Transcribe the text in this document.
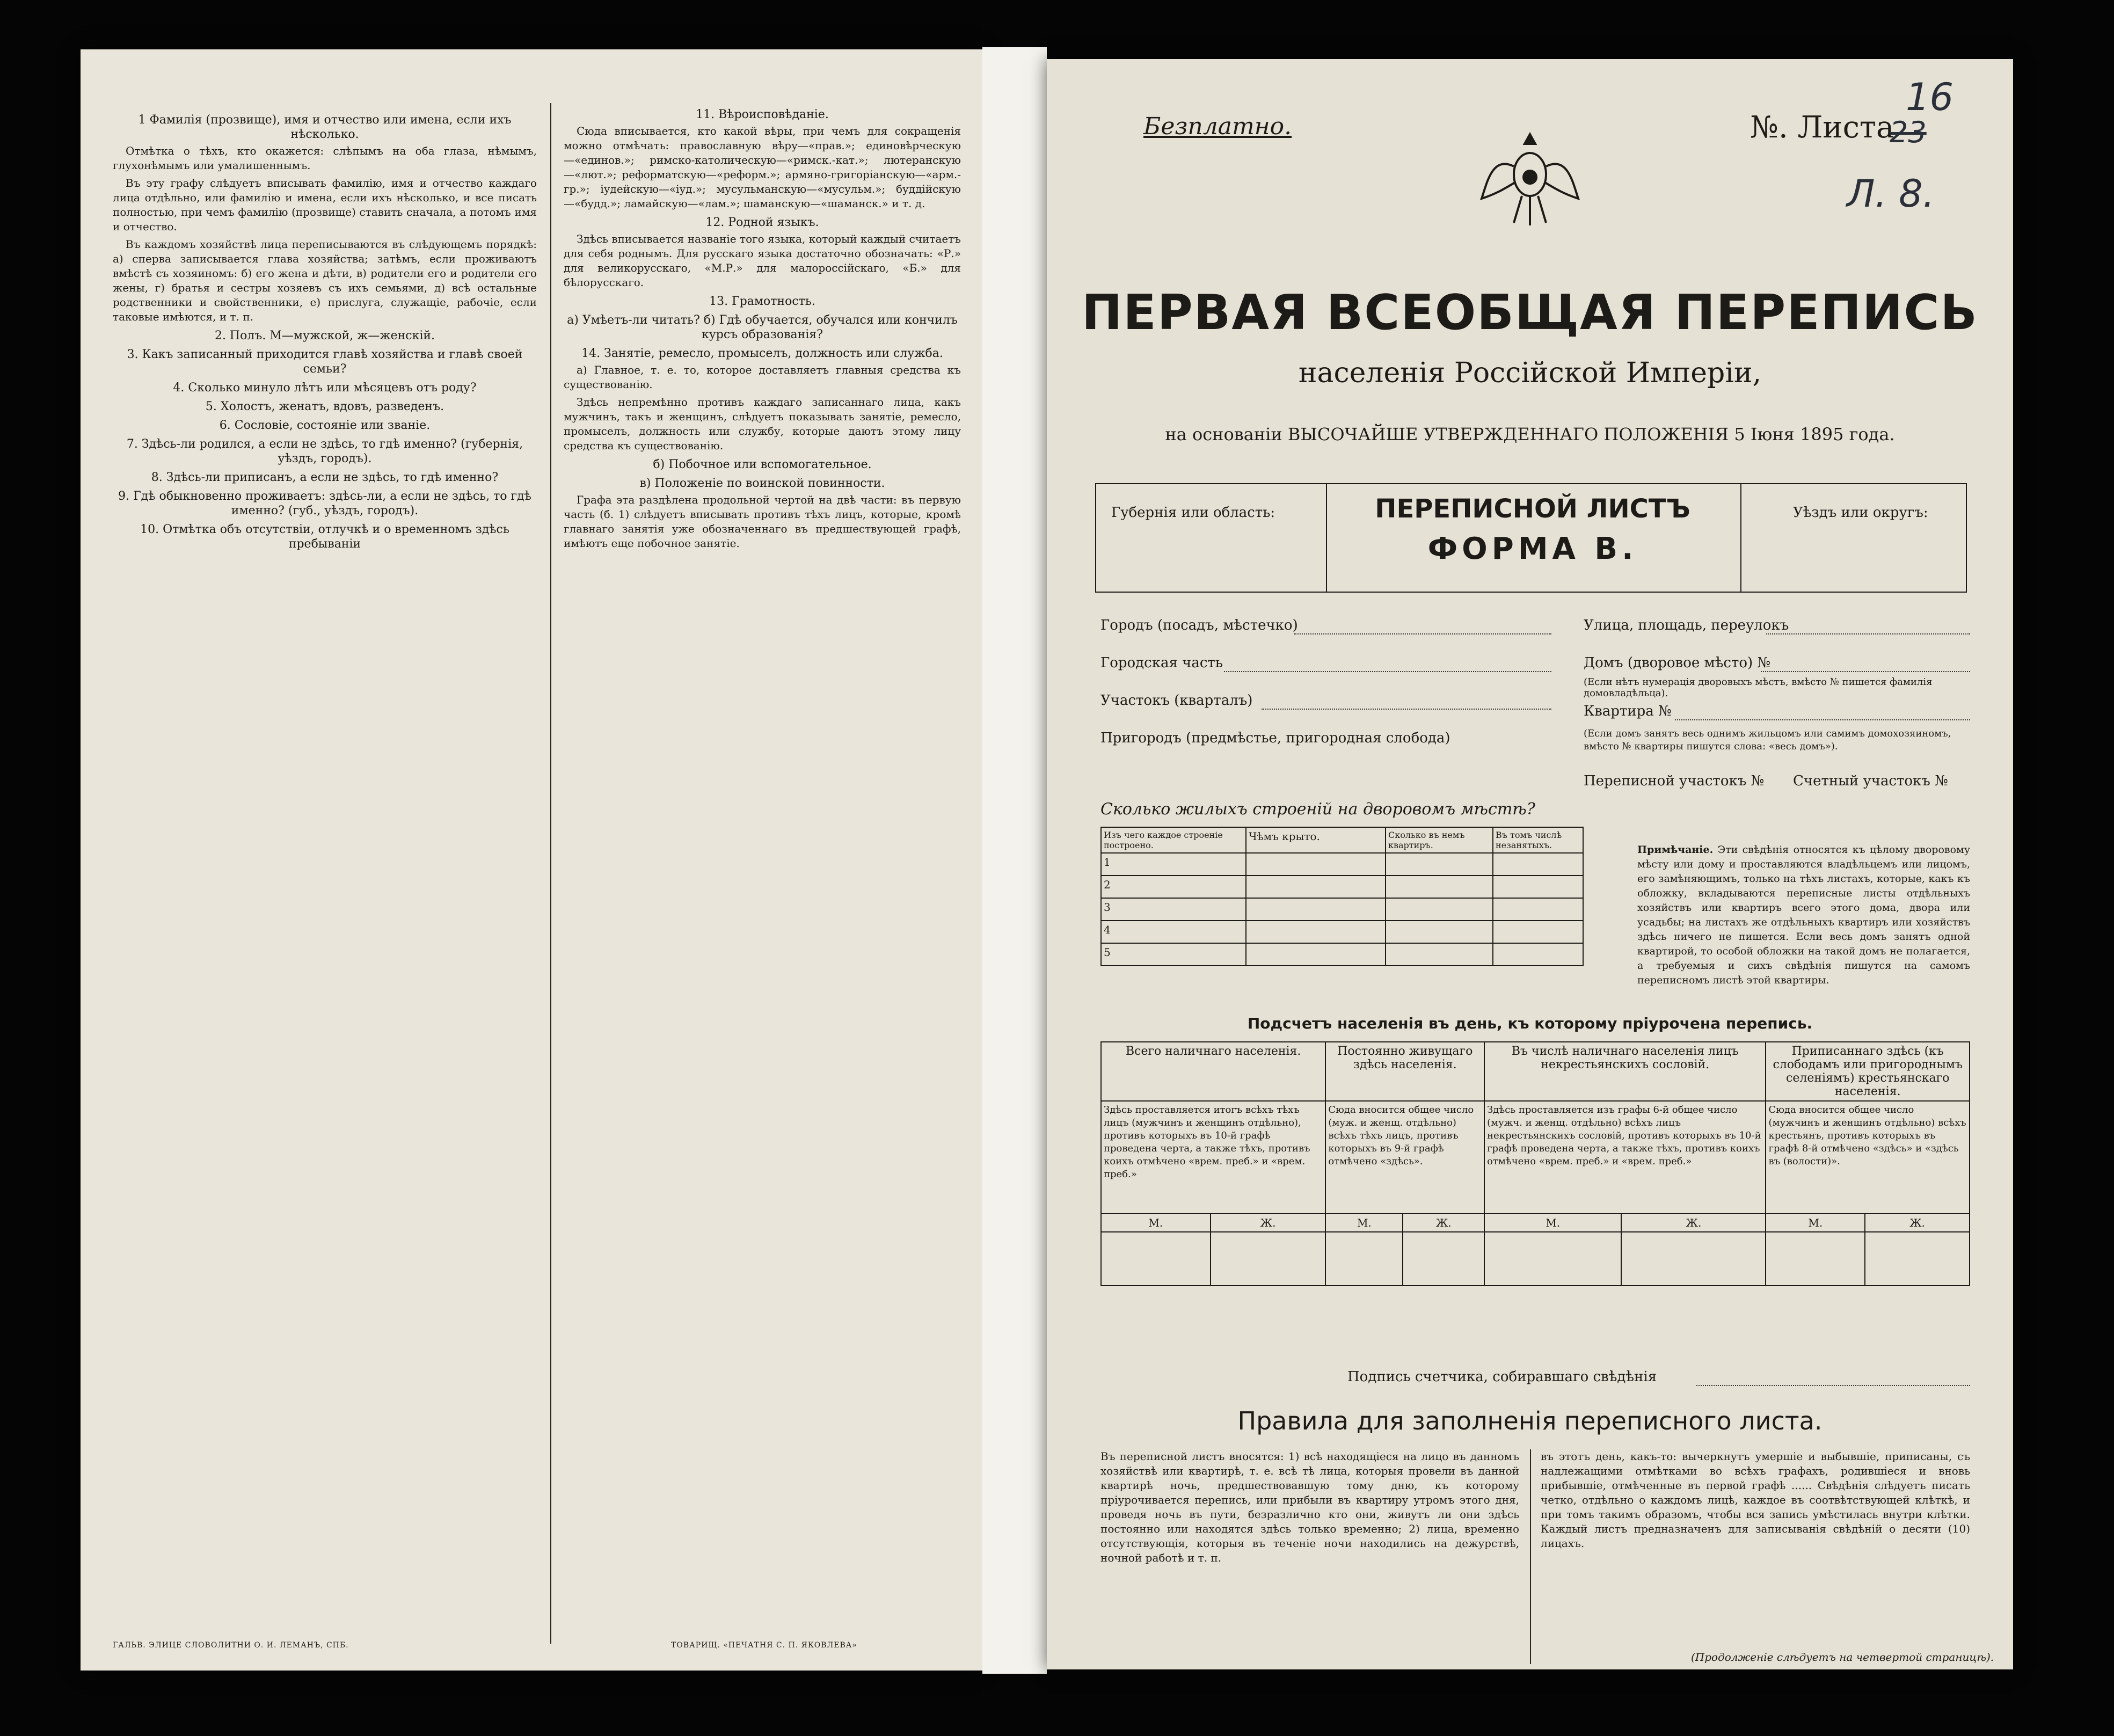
1 Фамилія (прозвище), имя и отчество или имена, если ихъ нѣсколько.

Отмѣтка о тѣхъ, кто окажется: слѣпымъ на оба глаза, нѣмымъ, глухонѣмымъ или умалишеннымъ.

Въ эту графу слѣдуетъ вписывать фамилію, имя и отчество каждаго лица отдѣльно, или фамилію и имена, если ихъ нѣсколько, и все писать полностью, при чемъ фамилію (прозвище) ставить сначала, а потомъ имя и отчество.

Въ каждомъ хозяйствѣ лица переписываются въ слѣдующемъ порядкѣ: а) сперва записывается глава хозяйства; затѣмъ, если проживаютъ вмѣстѣ съ хозяиномъ: б) его жена и дѣти, в) родители его и родители его жены, г) братья и сестры хозяевъ съ ихъ семьями, д) всѣ остальные родственники и свойственники, е) прислуга, служащіе, рабочіе, если таковые имѣются, и т. п.

2. Полъ. М—мужской, ж—женскій.
3. Какъ записанный приходится главѣ хозяйства и главѣ своей семьи?
4. Сколько минуло лѣтъ или мѣсяцевъ отъ роду?
5. Холостъ, женатъ, вдовъ, разведенъ.
6. Сословіе, состояніе или званіе.
7. Здѣсь-ли родился, а если не здѣсь, то гдѣ именно? (губернія, уѣздъ, городъ).
8. Здѣсь-ли приписанъ, а если не здѣсь, то гдѣ именно?
9. Гдѣ обыкновенно проживаетъ: здѣсь-ли, а если не здѣсь, то гдѣ именно? (губ., уѣздъ, городъ).
10. Отмѣтка объ отсутствіи, отлучкѣ и о временномъ здѣсь пребываніи
11. Вѣроисповѣданіе.

Сюда вписывается, кто какой вѣры, при чемъ для сокращенія можно отмѣчать: православную вѣру—«прав.»; единовѣрческую—«единов.»; римско-католическую—«римск.-кат.»; лютеранскую—«лют.»; реформатскую—«реформ.»; армяно-григоріанскую—«арм.-гр.»; іудейскую—«іуд.»; мусульманскую—«мусульм.»; буддійскую—«будд.»; ламайскую—«лам.»; шаманскую—«шаманск.» и т. д.

12. Родной языкъ.

Здѣсь вписывается названіе того языка, который каждый считаетъ для себя роднымъ. Для русскаго языка достаточно обозначать: «Р.» для великорусскаго, «М.Р.» для малороссійскаго, «Б.» для бѣлорусскаго.

13. Грамотность.
а) Умѣетъ-ли читать? б) Гдѣ обучается, обучался или кончилъ курсъ образованія?
14. Занятіе, ремесло, промыселъ, должность или служба.

а) Главное, т. е. то, которое доставляетъ главныя средства къ существованію.

Здѣсь непремѣнно противъ каждаго записаннаго лица, какъ мужчинъ, такъ и женщинъ, слѣдуетъ показывать занятіе, ремесло, промыселъ, должность или службу, которые даютъ этому лицу средства къ существованію.

б) Побочное или вспомогательное.
в) Положеніе по воинской повинности.

Графа эта раздѣлена продольной чертой на двѣ части: въ первую часть (б. 1) слѣдуетъ вписывать противъ тѣхъ лицъ, которые, кромѣ главнаго занятія уже обозначеннаго въ предшествующей графѣ, имѣютъ еще побочное занятіе.

ГАЛЬВ. ЭЛИЦЕ СЛОВОЛИТНИ О. И. ЛЕМАНЪ, СПБ.	ТОВАРИЩ. «ПЕЧАТНЯ С. П. ЯКОВЛЕВА»
Безплатно.	№. Листа
16
23
Л. 8.
ПЕРВАЯ ВСЕОБЩАЯ ПЕРЕПИСЬ
населенія Россійской Имперіи,
на основаніи ВЫСОЧАЙШЕ УТВЕРЖДЕННАГО ПОЛОЖЕНІЯ 5 Іюня 1895 года.
Губернія или область:	ПЕРЕПИСНОЙ ЛИСТЪ
ФОРМА В.
Уѣздъ или округъ:
Городъ (посадъ, мѣстечко)
Городская часть
Участокъ (кварталъ)
Пригородъ (предмѣстье, пригородная слобода)
Улица, площадь, переулокъ
Домъ (дворовое мѣсто) №
(Если нѣтъ нумерація дворовыхъ мѣстъ, вмѣсто № пишется фамилія домовладѣльца).
Квартира №
(Если домъ занятъ весь однимъ жильцомъ или самимъ домохозяиномъ, вмѣсто № квартиры пишутся слова: «весь домъ»).
Переписной участокъ № Счетный участокъ №
Сколько жилыхъ строеній на дворовомъ мѣстѣ?
Изъ чего каждое строеніе построено.	Чѣмъ крыто.	Сколько въ немъ квартиръ.	Въ томъ числѣ незанятыхъ.
1			
2			
3			
4			
5			
Примѣчаніе. Эти свѣдѣнія относятся къ цѣлому дворовому мѣсту или дому и проставляются владѣльцемъ или лицомъ, его замѣняющимъ, только на тѣхъ листахъ, которые, какъ къ обложку, вкладываются переписные листы отдѣльныхъ хозяйствъ или квартиръ всего этого дома, двора или усадьбы; на листахъ же отдѣльныхъ квартиръ или хозяйствъ здѣсь ничего не пишется. Если весь домъ занятъ одной квартирой, то особой обложки на такой домъ не полагается, а требуемыя и сихъ свѣдѣнія пишутся на самомъ переписномъ листѣ этой квартиры.
Подсчетъ населенія въ день, къ которому пріурочена перепись.
Всего наличнаго населенія.		Постоянно живущаго здѣсь населенія.		Въ числѣ наличнаго населенія лицъ некрестьянскихъ сословій.		Приписаннаго здѣсь (къ слободамъ или пригороднымъ селеніямъ) крестьянскаго населенія.	
Здѣсь проставляется итогъ всѣхъ тѣхъ лицъ (мужчинъ и женщинъ отдѣльно), противъ которыхъ въ 10-й графѣ проведена черта, а также тѣхъ, противъ коихъ отмѣчено «врем. преб.» и «врем. преб.»		Сюда вносится общее число (муж. и женщ. отдѣльно) всѣхъ тѣхъ лицъ, противъ которыхъ въ 9-й графѣ отмѣчено «здѣсь».		Здѣсь проставляется изъ графы 6-й общее число (мужч. и женщ. отдѣльно) всѣхъ лицъ некрестьянскихъ сословій, противъ которыхъ въ 10-й графѣ проведена черта, а также тѣхъ, противъ коихъ отмѣчено «врем. преб.» и «врем. преб.»		Сюда вносится общее число (мужчинъ и женщинъ отдѣльно) всѣхъ крестьянъ, противъ которыхъ въ графѣ 8-й отмѣчено «здѣсь» и «здѣсь въ (волости)».	
М.	Ж.	М.	Ж.	М.	Ж.	М.	Ж.

Подпись счетчика, собиравшаго свѣдѣнія
Правила для заполненія переписного листа.
Въ переписной листъ вносятся: 1) всѣ находящіеся на лицо въ данномъ хозяйствѣ или квартирѣ, т. е. всѣ тѣ лица, которыя провели въ данной квартирѣ ночь, предшествовавшую тому дню, къ которому пріурочивается перепись, или прибыли въ квартиру утромъ этого дня, проведя ночь въ пути, безразлично кто они, живутъ ли они здѣсь постоянно или находятся здѣсь только временно; 2) лица, временно отсутствующія, которыя въ теченіе ночи находились на дежурствѣ, ночной работѣ и т. п.
въ этотъ день, какъ-то: вычеркнутъ умершіе и выбывшіе, приписаны, съ надлежащими отмѣтками во всѣхъ графахъ, родившіеся и вновь прибывшіе, отмѣченные въ первой графѣ ...... Свѣдѣнія слѣдуетъ писать четко, отдѣльно о каждомъ лицѣ, каждое въ соотвѣтствующей клѣткѣ, и при томъ такимъ образомъ, чтобы вся запись умѣстилась внутри клѣтки. Каждый листъ предназначенъ для записыванія свѣдѣній о десяти (10) лицахъ.
(Продолженіе слѣдуетъ на четвертой страницѣ).
